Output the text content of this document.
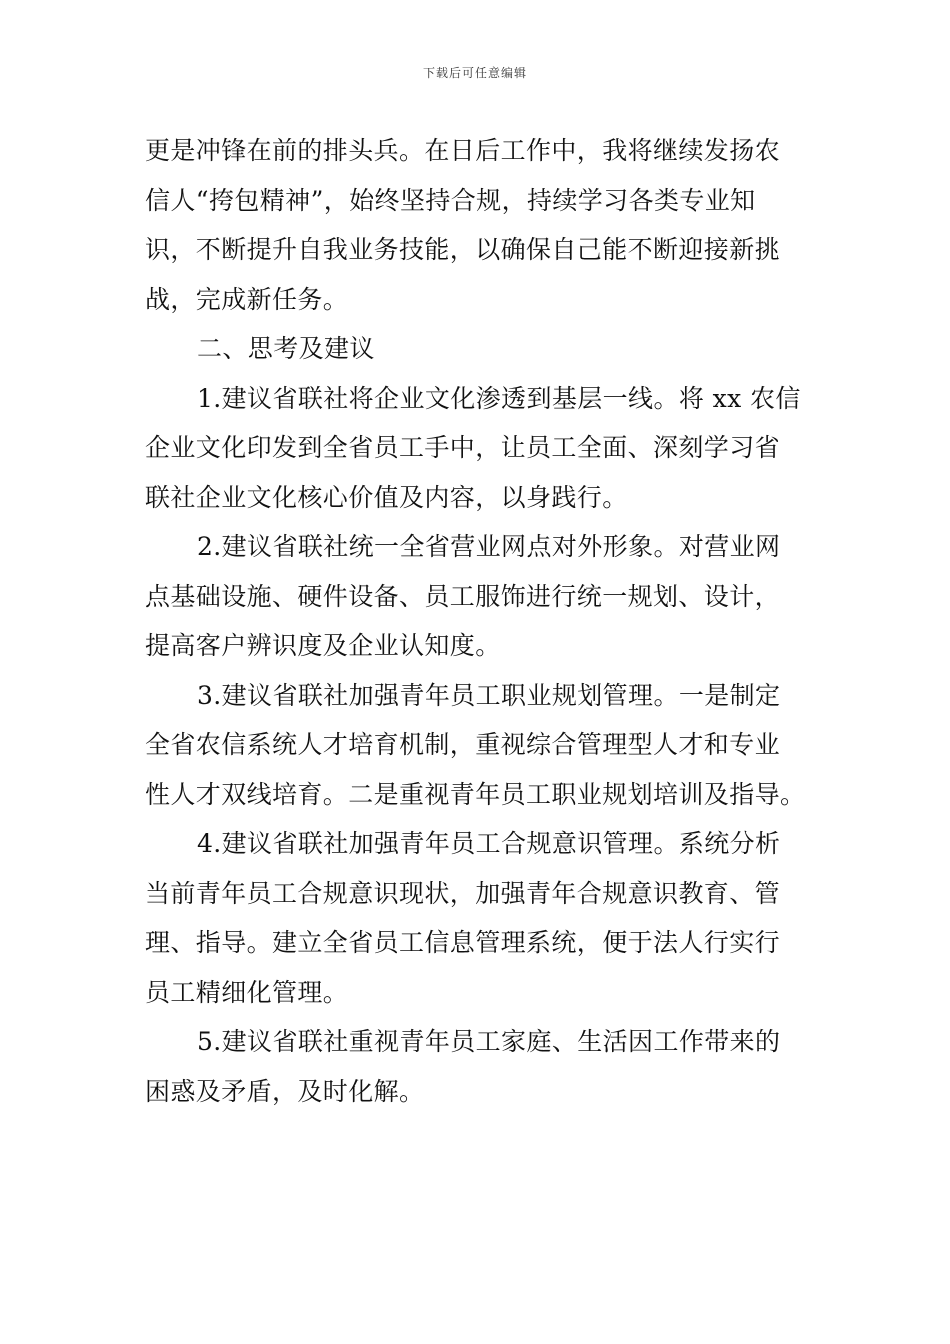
下载后可任意编辑
更是冲锋在前的排头兵。在日后工作中，我将继续发扬农
信人“挎包精神”，始终坚持合规，持续学习各类专业知
识，不断提升自我业务技能，以确保自己能不断迎接新挑
战，完成新任务。
二、思考及建议
1.建议省联社将企业文化渗透到基层一线。将 xx 农信
企业文化印发到全省员工手中，让员工全面、深刻学习省
联社企业文化核心价值及内容，以身践行。
2.建议省联社统一全省营业网点对外形象。对营业网
点基础设施、硬件设备、员工服饰进行统一规划、设计，
提高客户辨识度及企业认知度。
3.建议省联社加强青年员工职业规划管理。一是制定
全省农信系统人才培育机制，重视综合管理型人才和专业
性人才双线培育。二是重视青年员工职业规划培训及指导。
4.建议省联社加强青年员工合规意识管理。系统分析
当前青年员工合规意识现状，加强青年合规意识教育、管
理、指导。建立全省员工信息管理系统，便于法人行实行
员工精细化管理。
5.建议省联社重视青年员工家庭、生活因工作带来的
困惑及矛盾，及时化解。
